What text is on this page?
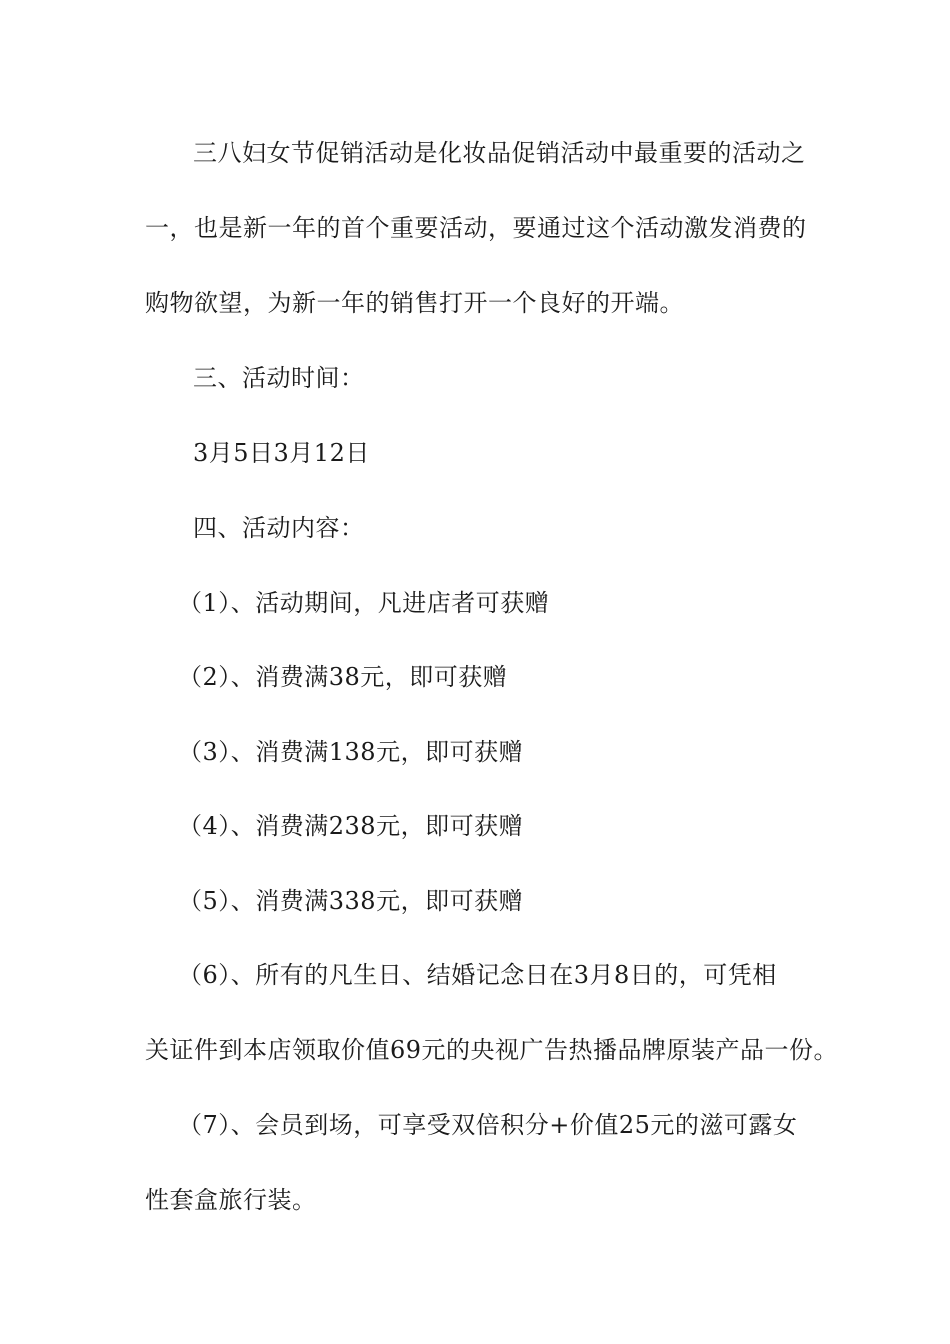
三八妇女节促销活动是化妆品促销活动中最重要的活动之
一，也是新一年的首个重要活动，要通过这个活动激发消费的
购物欲望，为新一年的销售打开一个良好的开端。
三、活动时间：
3月5日3月12日
四、活动内容：
（1）、活动期间，凡进店者可获赠
（2）、消费满38元，即可获赠
（3）、消费满138元，即可获赠
（4）、消费满238元，即可获赠
（5）、消费满338元，即可获赠
（6）、所有的凡生日、结婚记念日在3月8日的，可凭相
关证件到本店领取价值69元的央视广告热播品牌原装产品一份。
（7）、会员到场，可享受双倍积分+价值25元的滋可露女
性套盒旅行装。
